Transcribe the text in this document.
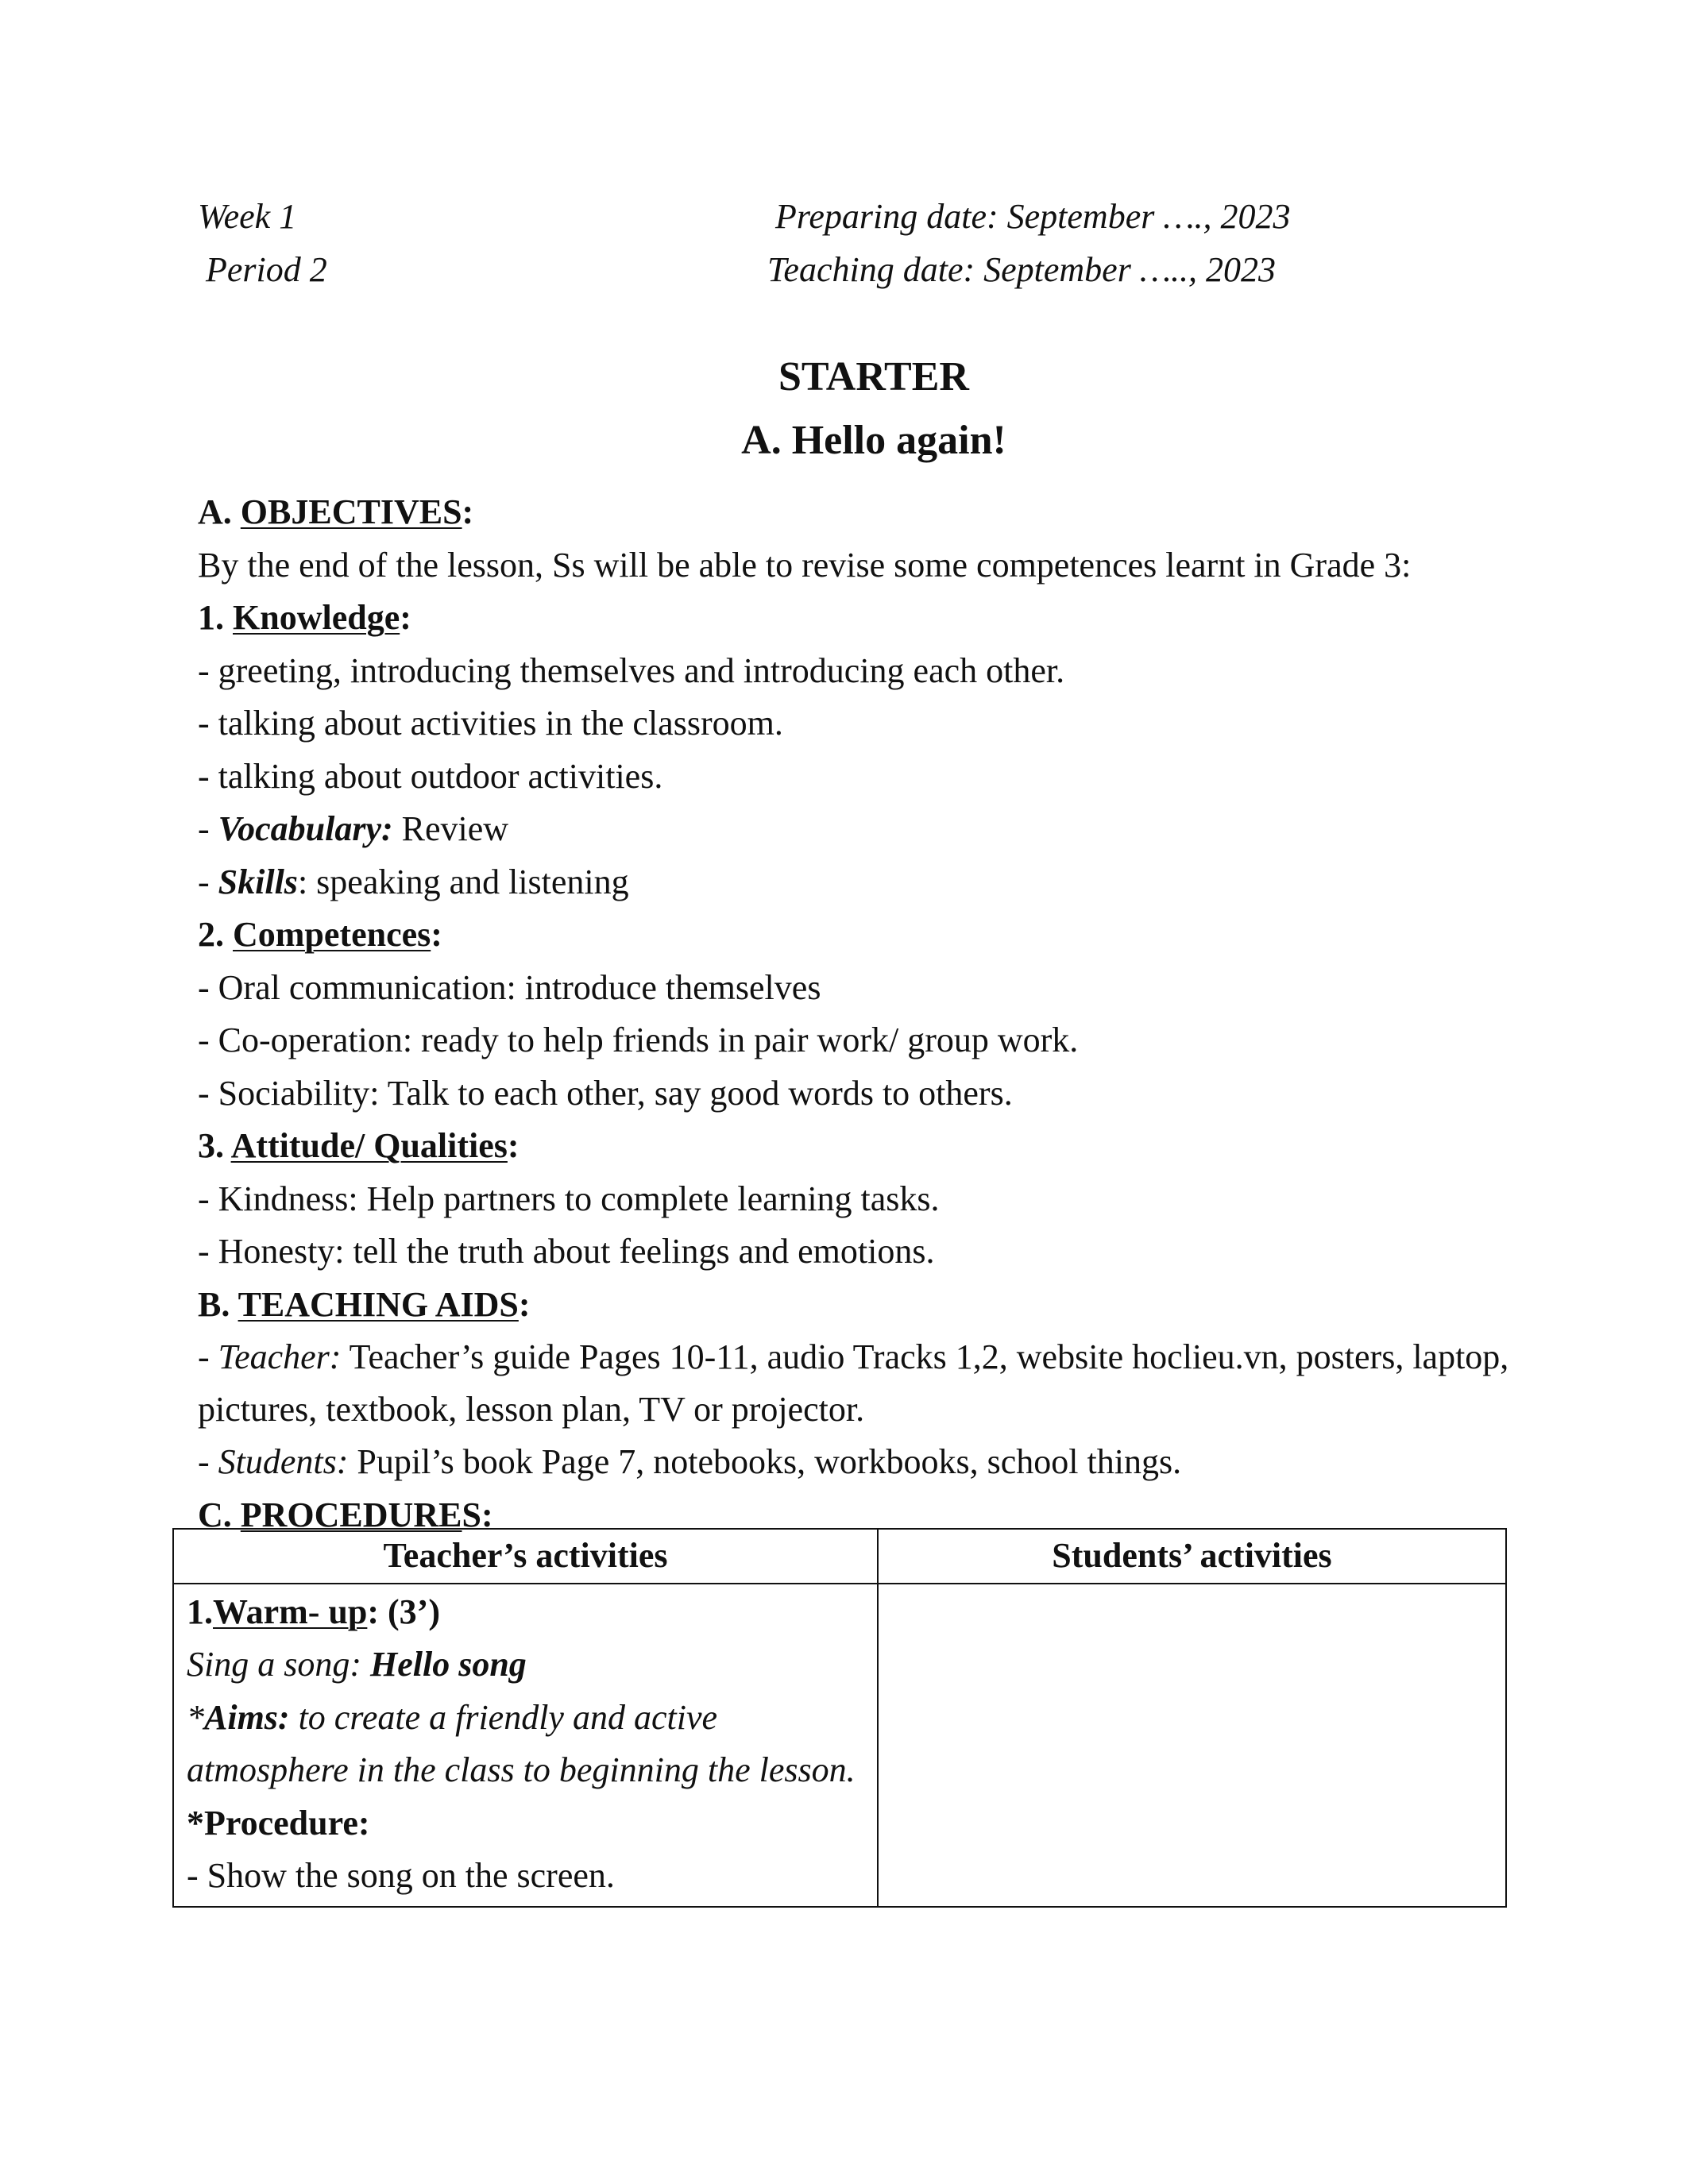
Week 1
Period 2
Preparing date: September …., 2023
Teaching date: September ….., 2023
STARTER
A. Hello again!
A. OBJECTIVES:
By the end of the lesson, Ss will be able to revise some competences learnt in Grade 3:
1. Knowledge:
- greeting, introducing themselves and introducing each other.
- talking about activities in the classroom.
- talking about outdoor activities.
- Vocabulary: Review
- Skills: speaking and listening
2. Competences:
- Oral communication: introduce themselves
- Co-operation: ready to help friends in pair work/ group work.
- Sociability: Talk to each other, say good words to others.
3. Attitude/ Qualities:
- Kindness: Help partners to complete learning tasks.
- Honesty: tell the truth about feelings and emotions.
B. TEACHING AIDS:
- Teacher: Teacher’s guide Pages 10-11, audio Tracks 1,2, website hoclieu.vn, posters, laptop, pictures, textbook, lesson plan, TV or projector.
- Students: Pupil’s book Page 7, notebooks, workbooks, school things.
C. PROCEDURES:
Teacher’s activities	Students’ activities

1.Warm- up: (3’)
Sing a song: Hello song
*Aims: to create a friendly and active atmosphere in the class to beginning the lesson.
*Procedure:
- Show the song on the screen.	
